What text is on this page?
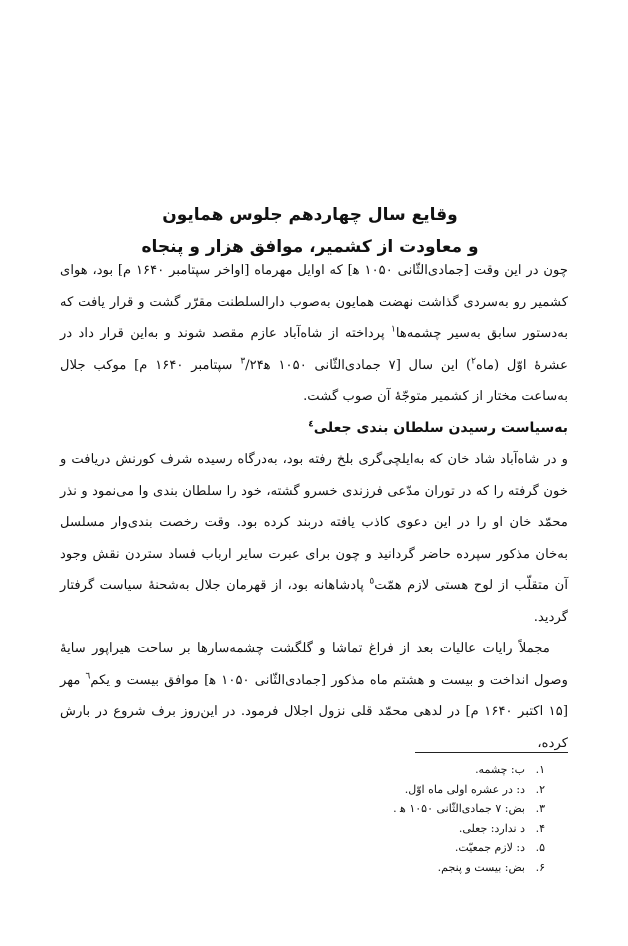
وقایع سال چهاردهم جلوس همایون
و معاودت از کشمیر، موافق هزار و پنجاه

چون در این وقت [جمادی‌الثّانی ۱۰۵۰ ه‍] که اوایل مهرماه [اواخر سپتامبر ۱۶۴۰ م] بود، هوای کشمیر رو به‌سردی گذاشت نهضت همایون به‌صوب دارالسلطنت مقرّر گشت و قرار یافت که به‌دستور سابق به‌سیر چشمه‌ها$^۱$ پرداخته از شاه‌آباد عازم مقصد شوند و به‌این قرار داد در عشرهٔ اوّل (ماه$^۲$) این سال [۷ جمادی‌الثّانی ۱۰۵۰ ه‍$^۳$/۲۴ سپتامبر ۱۶۴۰ م] موکب جلال به‌ساعت مختار از کشمیر متوجّهٔ آن صوب گشت.

به‌سیاست رسیدن سلطان بندی جعلی$^٤$

و در شاه‌آباد شاد خان که به‌ایلچی‌گری بلخ رفته بود، به‌درگاه رسیده شرف کورنش دریافت و خون گرفته را که در توران مدّعی فرزندی خسرو گشته، خود را سلطان بندی وا می‌نمود و نذر محمّد خان او را در این دعوی کاذب یافته دربند کرده بود. وقت رخصت بندی‌وار مسلسل به‌خان مذکور سپرده حاضر گردانید و چون برای عبرت سایر ارباب فساد ستردن نقش وجود آن متقلّب از لوح هستی لازم همّت$^٥$ پادشاهانه بود، از قهرمان جلال به‌شحنهٔ سیاست گرفتار گردید.

مجملاً رایات عالیات بعد از فراغ تماشا و گلگشت چشمه‌سارها بر ساحت هیراپور سایهٔ وصول انداخت و بیست و هشتم ماه مذکور [جمادی‌الثّانی ۱۰۵۰ ه‍] موافق بیست و یکم$^٦$ مهر [۱۵ اکتبر ۱۶۴۰ م] در لدهی محمّد قلی نزول اجلال فرمود. در این‌روز برف شروع در بارش کرده،

۱.
ب: چشمه.
۲.
د: در عشره اولی ماه اوّل.
۳.
بض: ۷ جمادی‌الثّانی ۱۰۵۰ ه‍ .
۴.
د ندارد: جعلی.
۵.
د: لازم جمعیّت.
۶.
بض: بیست و پنجم.
